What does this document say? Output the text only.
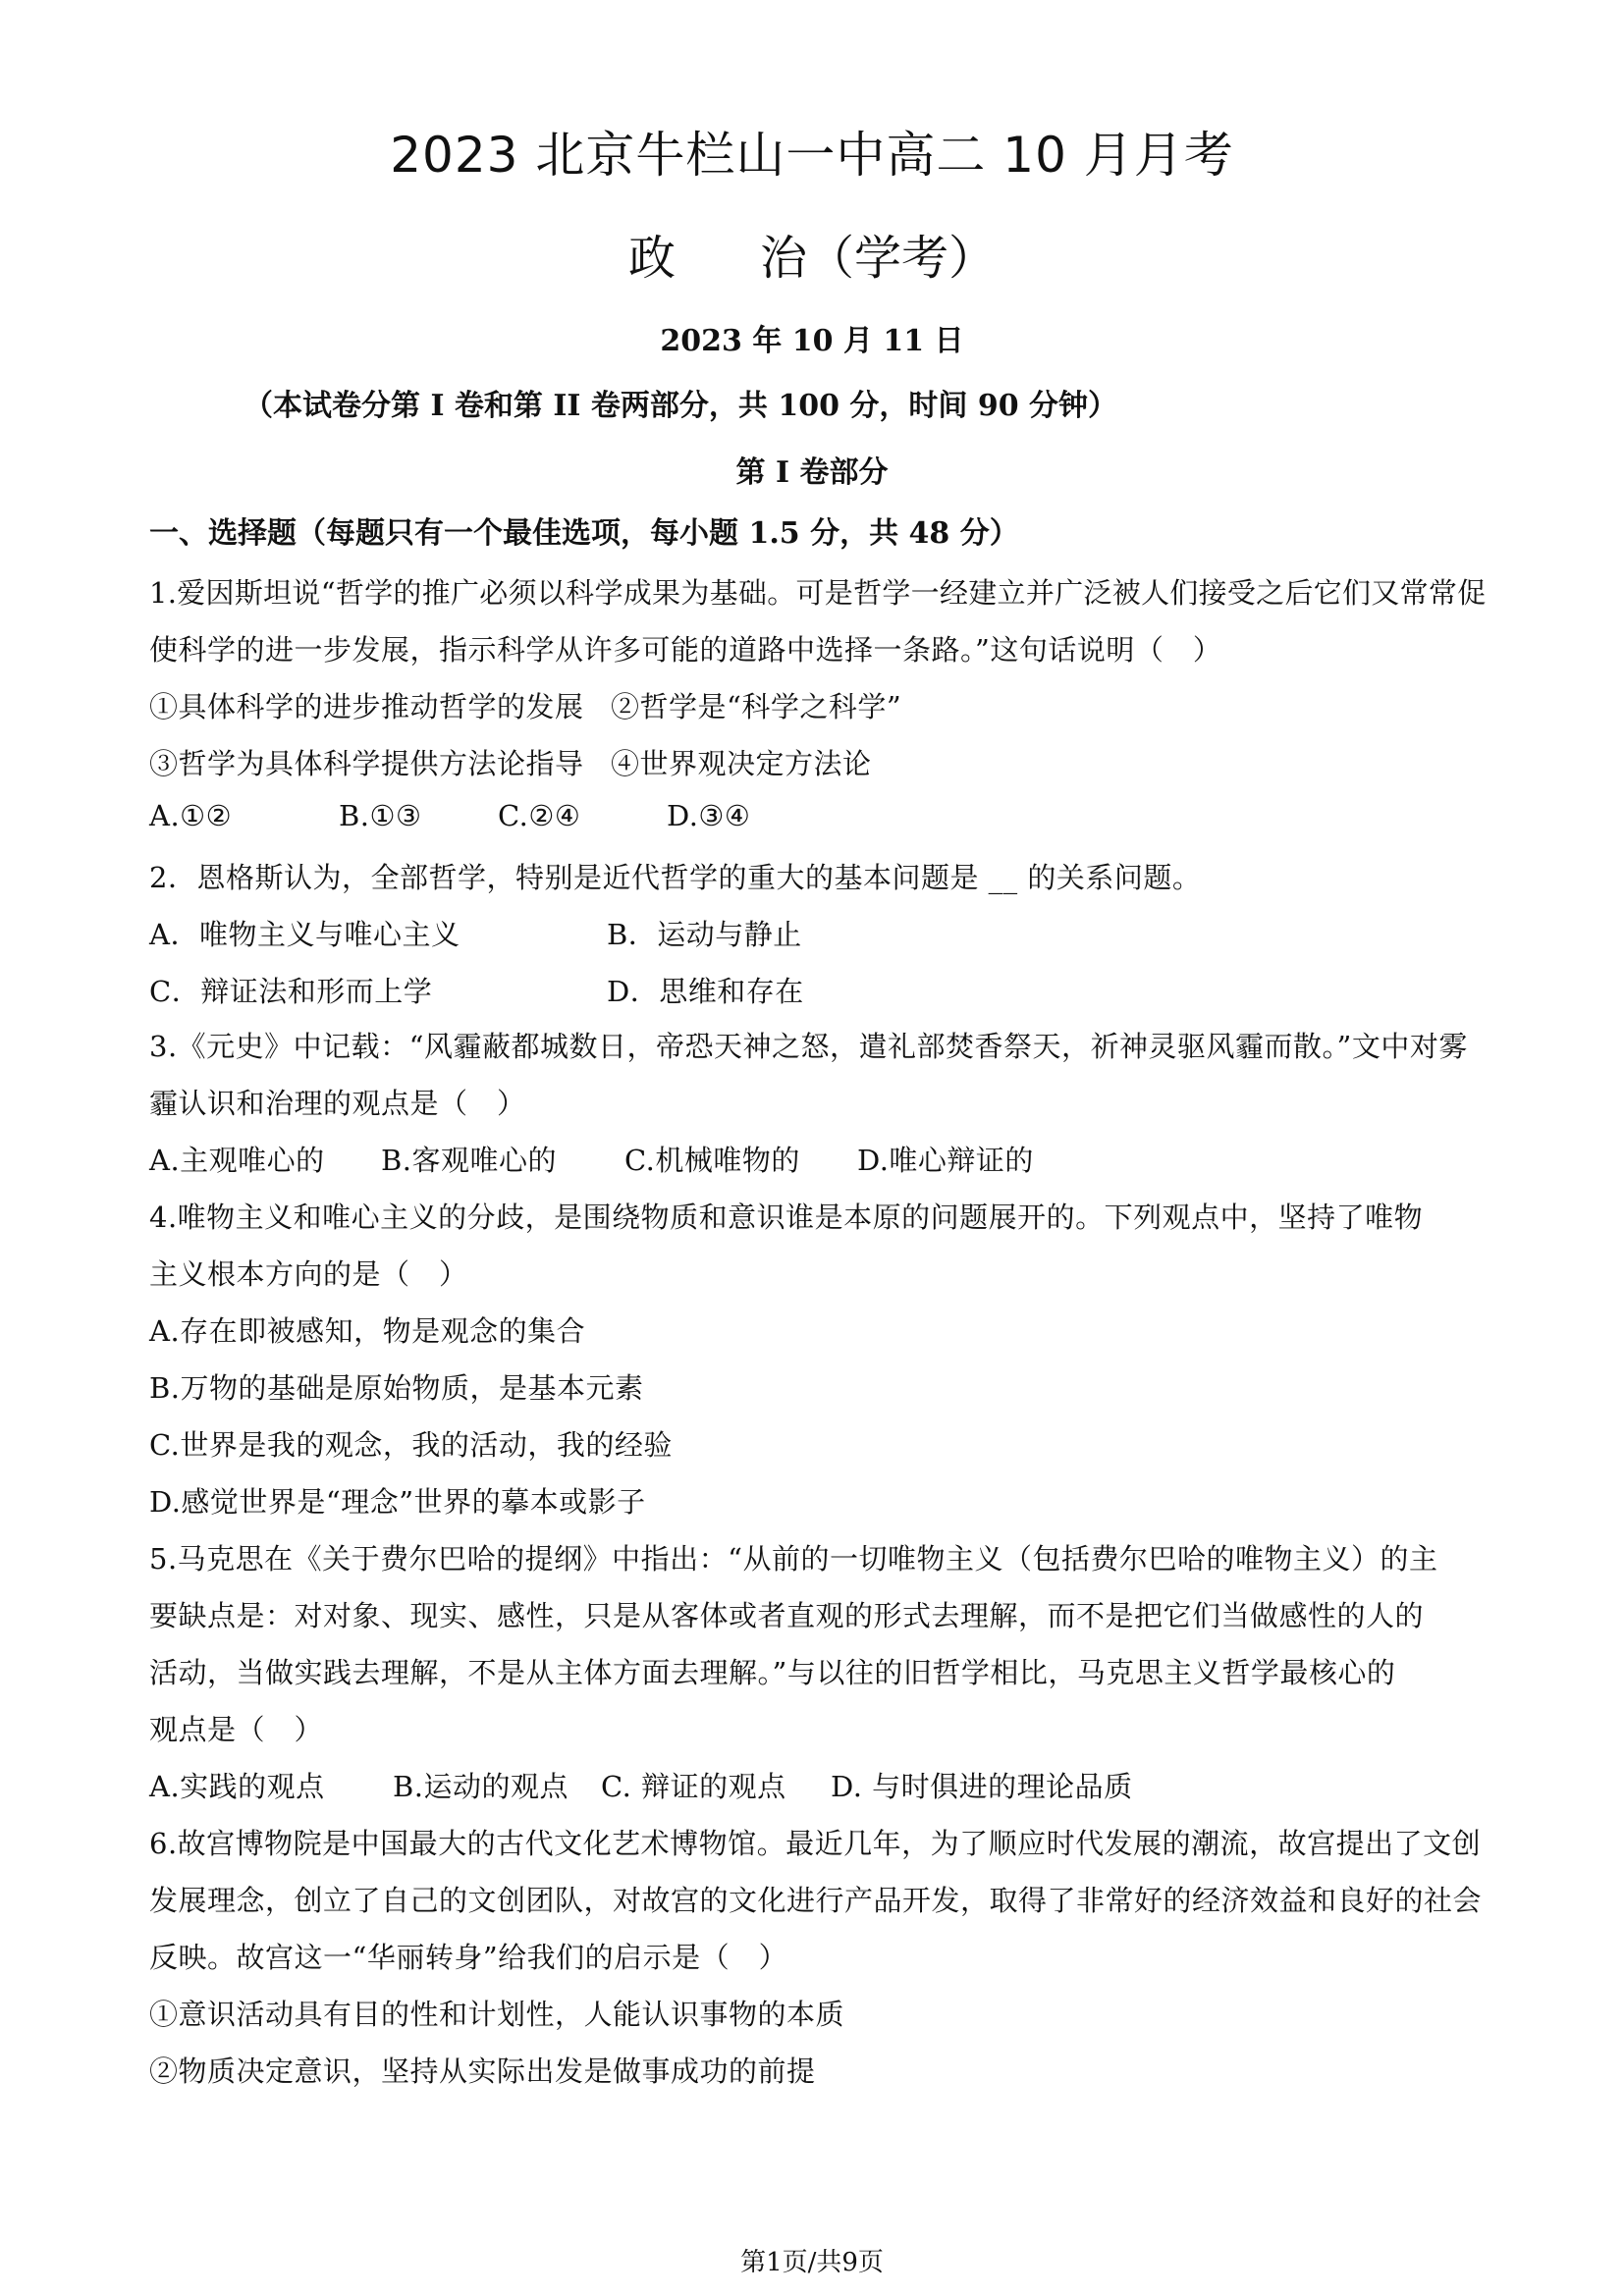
2023 北京牛栏山一中高二 10 月月考
政 治（学考）
2023 年 10 月 11 日
（本试卷分第 I 卷和第 II 卷两部分，共 100 分，时间 90 分钟）
第 I 卷部分
一、选择题（每题只有一个最佳选项，每小题 1.5 分，共 48 分）
1.爱因斯坦说“哲学的推广必须以科学成果为基础。可是哲学一经建立并广泛被人们接受之后它们又常常促
使科学的进一步发展，指示科学从许多可能的道路中选择一条路。”这句话说明（　）
①具体科学的进步推动哲学的发展 ②哲学是“科学之科学”
③哲学为具体科学提供方法论指导 ④世界观决定方法论
A.①②	B.①③	C.②④	D.③④
2．恩格斯认为，全部哲学，特别是近代哲学的重大的基本问题是 __ 的关系问题。
A．唯物主义与唯心主义	B．运动与静止
C．辩证法和形而上学	D．思维和存在
3.《元史》中记载：“风霾蔽都城数日，帝恐天神之怒，遣礼部焚香祭天，祈神灵驱风霾而散。”文中对雾
霾认识和治理的观点是（　）
A.主观唯心的 B.客观唯心的 C.机械唯物的 D.唯心辩证的
4.唯物主义和唯心主义的分歧，是围绕物质和意识谁是本原的问题展开的。下列观点中，坚持了唯物
主义根本方向的是（　）
A.存在即被感知，物是观念的集合
B.万物的基础是原始物质，是基本元素
C.世界是我的观念，我的活动，我的经验
D.感觉世界是“理念”世界的摹本或影子
5.马克思在《关于费尔巴哈的提纲》中指出：“从前的一切唯物主义（包括费尔巴哈的唯物主义）的主
要缺点是：对对象、现实、感性，只是从客体或者直观的形式去理解，而不是把它们当做感性的人的
活动，当做实践去理解，不是从主体方面去理解。”与以往的旧哲学相比，马克思主义哲学最核心的
观点是（　）
A.实践的观点 B.运动的观点 C. 辩证的观点 D. 与时俱进的理论品质
6.故宫博物院是中国最大的古代文化艺术博物馆。最近几年，为了顺应时代发展的潮流，故宫提出了文创
发展理念，创立了自己的文创团队，对故宫的文化进行产品开发，取得了非常好的经济效益和良好的社会
反映。故宫这一“华丽转身”给我们的启示是（　）
①意识活动具有目的性和计划性，人能认识事物的本质
②物质决定意识，坚持从实际出发是做事成功的前提
第1页/共9页
